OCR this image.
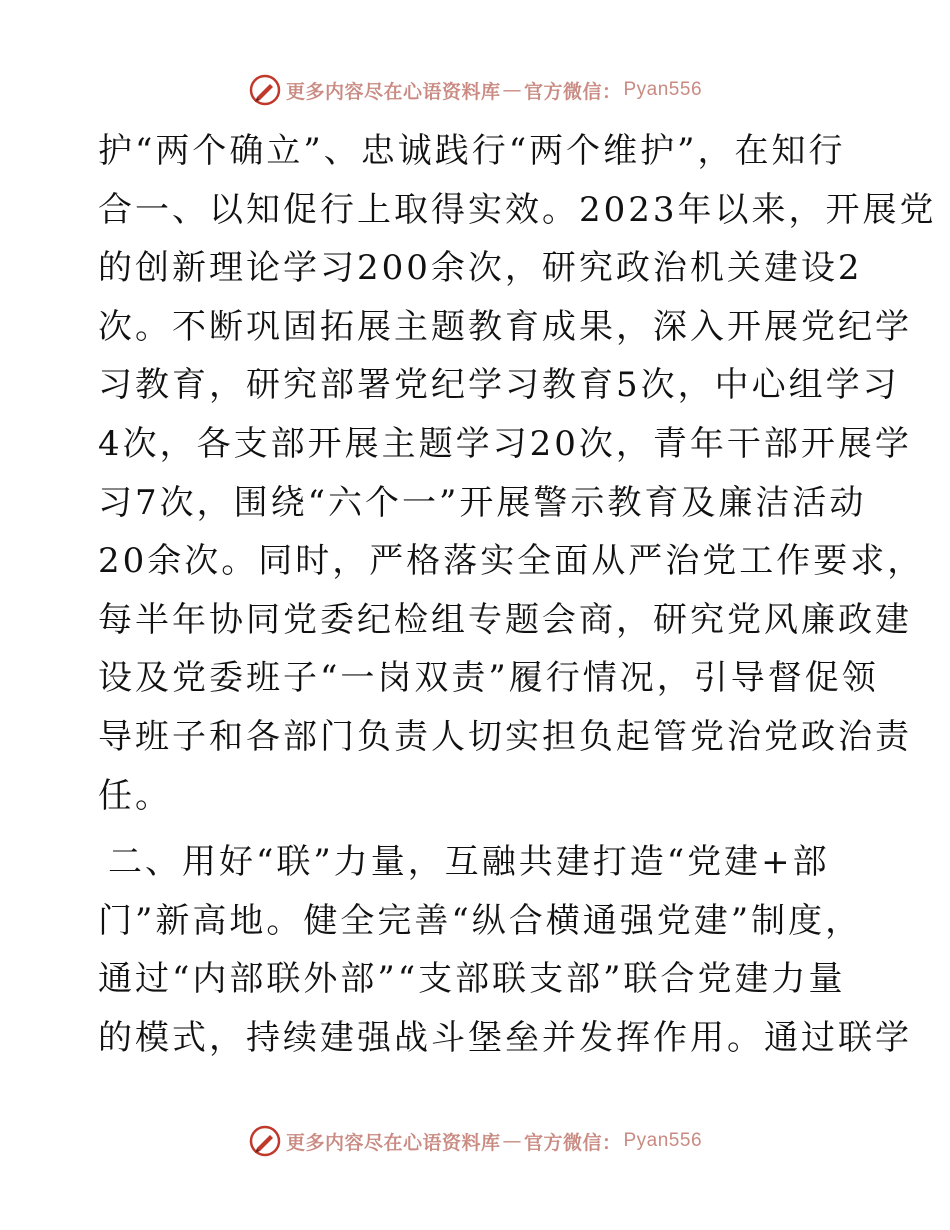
更多内容尽在心语资料库 — 官方微信： Pyan556
护“两个确立”、忠诚践行“两个维护”，在知行
合一、以知促行上取得实效。2023年以来，开展党
的创新理论学习200余次，研究政治机关建设2
次。不断巩固拓展主题教育成果，深入开展党纪学
习教育，研究部署党纪学习教育5次，中心组学习
4次，各支部开展主题学习20次，青年干部开展学
习7次，围绕“六个一”开展警示教育及廉洁活动
20余次。同时，严格落实全面从严治党工作要求，
每半年协同党委纪检组专题会商，研究党风廉政建
设及党委班子“一岗双责”履行情况，引导督促领
导班子和各部门负责人切实担负起管党治党政治责
任。
二、用好“联”力量，互融共建打造“党建+部
门”新高地。健全完善“纵合横通强党建”制度，
通过“内部联外部”“支部联支部”联合党建力量
的模式，持续建强战斗堡垒并发挥作用。通过联学
更多内容尽在心语资料库 — 官方微信： Pyan556
